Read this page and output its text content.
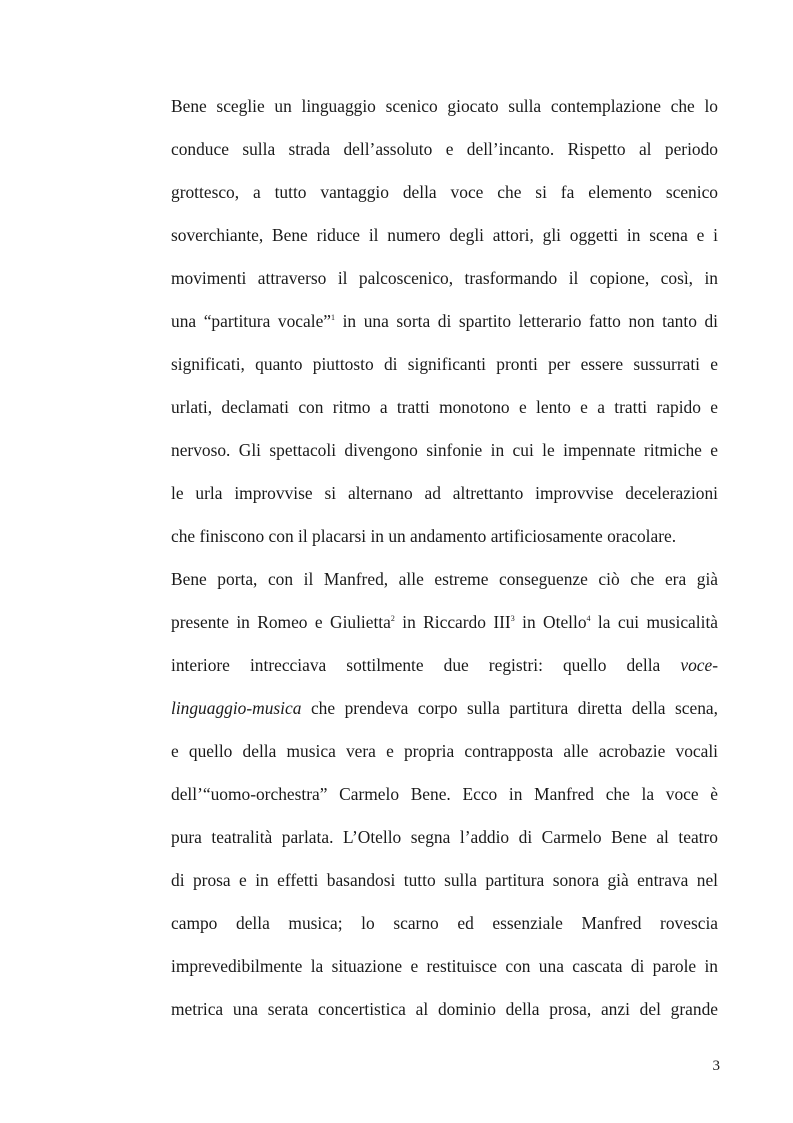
Bene sceglie un linguaggio scenico giocato sulla contemplazione che lo
conduce sulla strada dell’assoluto e dell’incanto. Rispetto al periodo
grottesco, a tutto vantaggio della voce che si fa elemento scenico
soverchiante, Bene riduce il numero degli attori, gli oggetti in scena e i
movimenti attraverso il palcoscenico, trasformando il copione, così, in
una “partitura vocale”$^1$ in una sorta di spartito letterario fatto non tanto di
significati, quanto piuttosto di significanti pronti per essere sussurrati e
urlati, declamati con ritmo a tratti monotono e lento e a tratti rapido e
nervoso. Gli spettacoli divengono sinfonie in cui le impennate ritmiche e
le urla improvvise si alternano ad altrettanto improvvise decelerazioni
che finiscono con il placarsi in un andamento artificiosamente oracolare.
Bene porta, con il Manfred, alle estreme conseguenze ciò che era già
presente in Romeo e Giulietta$^2$ in Riccardo III$^3$ in Otello$^4$ la cui musicalità
interiore intrecciava sottilmente due registri: quello della voce-
linguaggio-musica che prendeva corpo sulla partitura diretta della scena,
e quello della musica vera e propria contrapposta alle acrobazie vocali
dell’“uomo-orchestra” Carmelo Bene. Ecco in Manfred che la voce è
pura teatralità parlata. L’Otello segna l’addio di Carmelo Bene al teatro
di prosa e in effetti basandosi tutto sulla partitura sonora già entrava nel
campo della musica; lo scarno ed essenziale Manfred rovescia
imprevedibilmente la situazione e restituisce con una cascata di parole in
metrica una serata concertistica al dominio della prosa, anzi del grande
3
